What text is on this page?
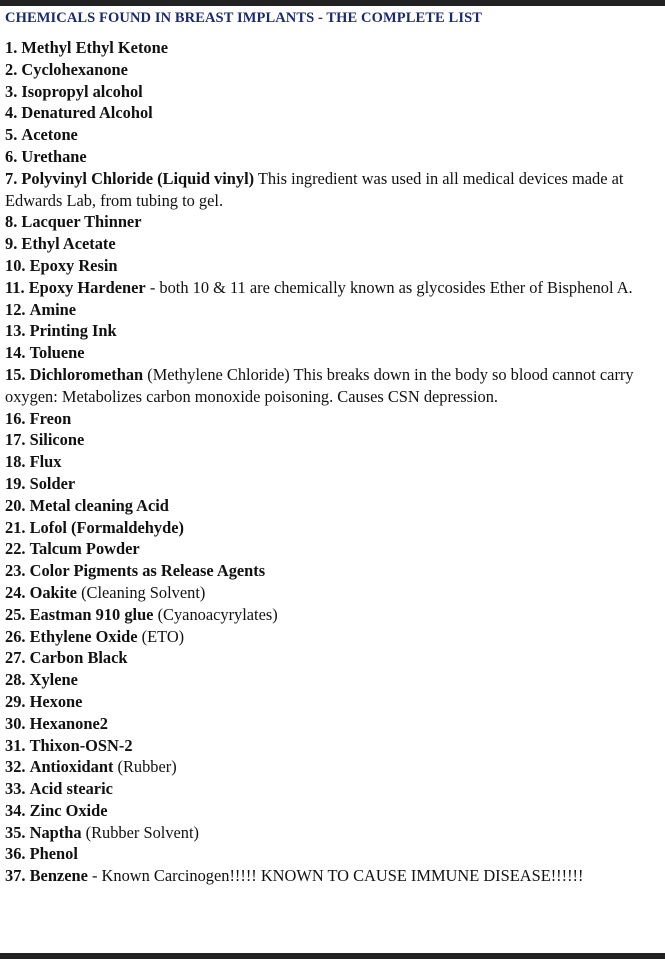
CHEMICALS FOUND IN BREAST IMPLANTS - THE COMPLETE LIST
1. Methyl Ethyl Ketone
2. Cyclohexanone
3. Isopropyl alcohol
4. Denatured Alcohol
5. Acetone
6. Urethane
7. Polyvinyl Chloride (Liquid vinyl) This ingredient was used in all medical devices made at Edwards Lab, from tubing to gel.
8. Lacquer Thinner
9. Ethyl Acetate
10. Epoxy Resin
11. Epoxy Hardener - both 10 & 11 are chemically known as glycosides Ether of Bisphenol A.
12. Amine
13. Printing Ink
14. Toluene
15. Dichloromethan (Methylene Chloride) This breaks down in the body so blood cannot carry oxygen: Metabolizes carbon monoxide poisoning. Causes CSN depression.
16. Freon
17. Silicone
18. Flux
19. Solder
20. Metal cleaning Acid
21. Lofol (Formaldehyde)
22. Talcum Powder
23. Color Pigments as Release Agents
24. Oakite (Cleaning Solvent)
25. Eastman 910 glue (Cyanoacyrylates)
26. Ethylene Oxide (ETO)
27. Carbon Black
28. Xylene
29. Hexone
30. Hexanone2
31. Thixon-OSN-2
32. Antioxidant (Rubber)
33. Acid stearic
34. Zinc Oxide
35. Naptha (Rubber Solvent)
36. Phenol
37. Benzene - Known Carcinogen!!!!! KNOWN TO CAUSE IMMUNE DISEASE!!!!!!
